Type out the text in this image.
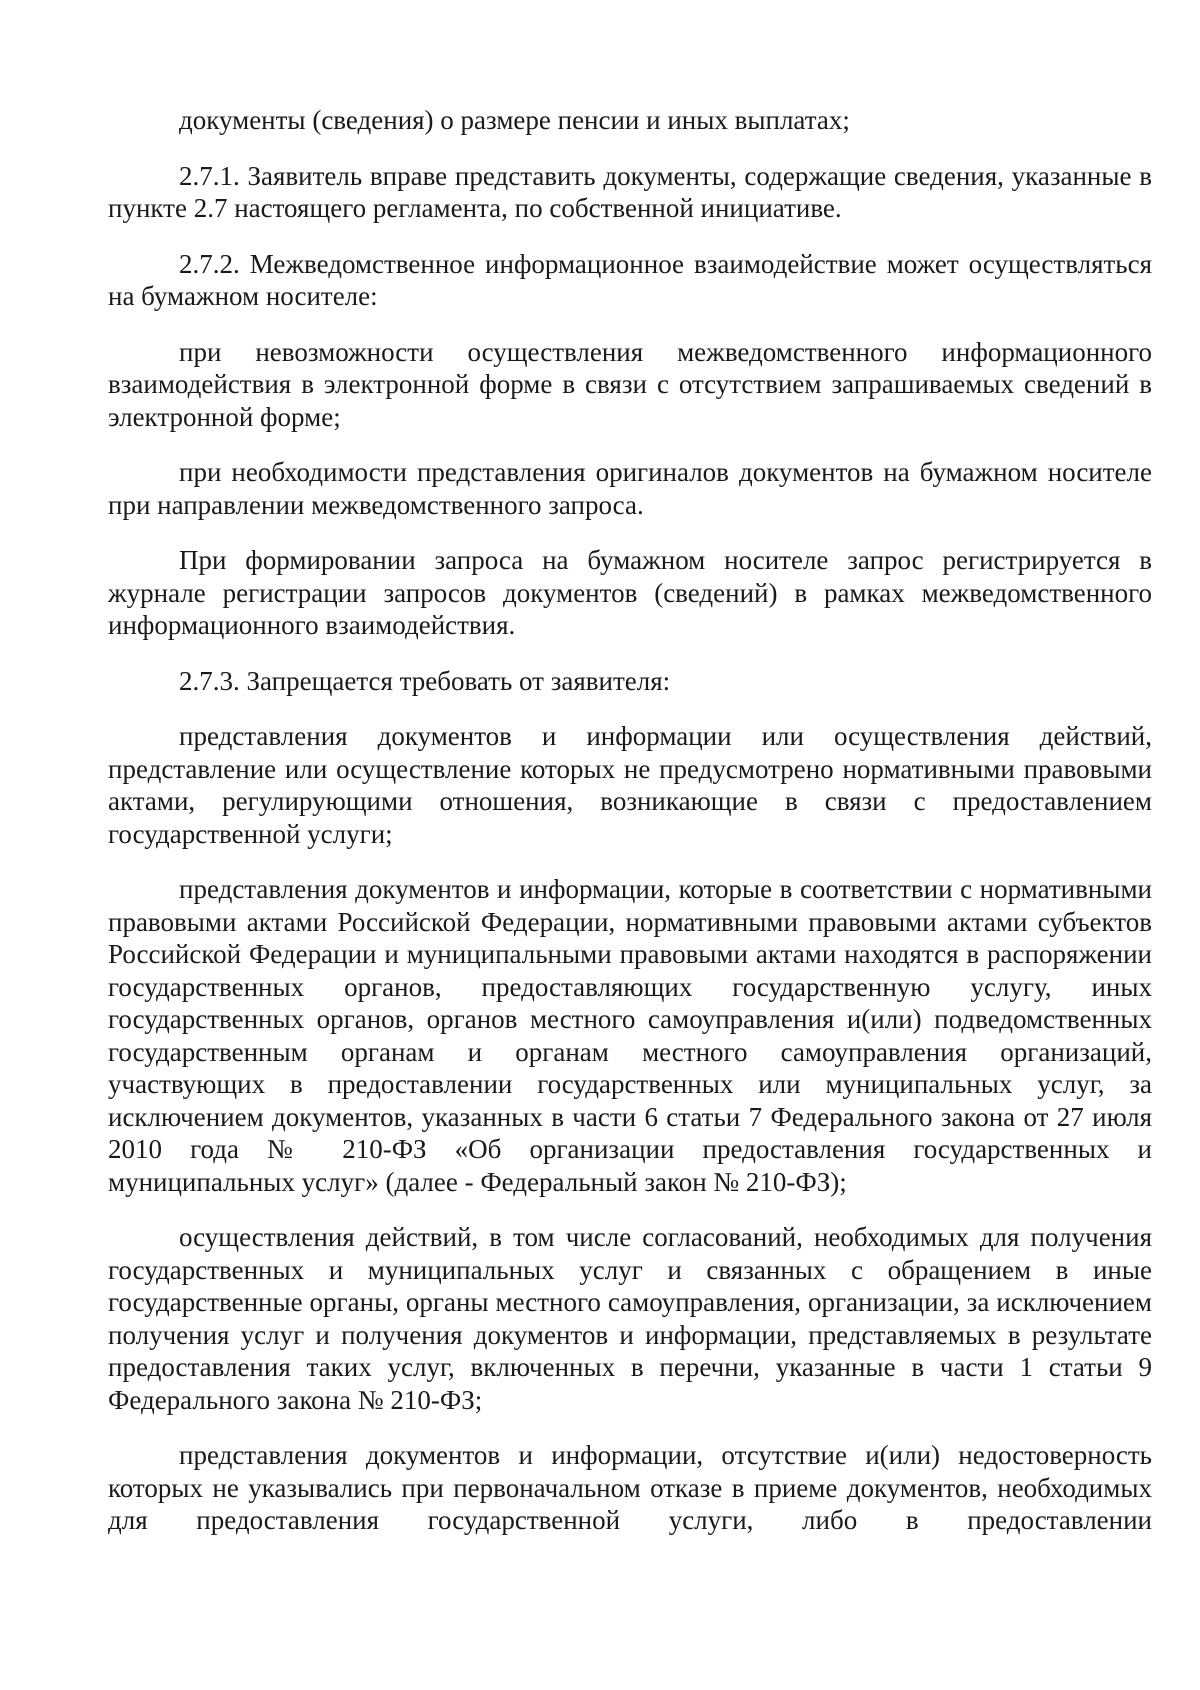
документы (сведения) о размере пенсии и иных выплатах;

2.7.1. Заявитель вправе представить документы, содержащие сведения, указанные в пункте 2.7 настоящего регламента, по собственной инициативе.

2.7.2. Межведомственное информационное взаимодействие может осуществляться на бумажном носителе:

при невозможности осуществления межведомственного информационного взаимодействия в электронной форме в связи с отсутствием запрашиваемых сведений в электронной форме;

при необходимости представления оригиналов документов на бумажном носителе при направлении межведомственного запроса.

При формировании запроса на бумажном носителе запрос регистрируется в журнале регистрации запросов документов (сведений) в рамках межведомственного информационного взаимодействия.

2.7.3. Запрещается требовать от заявителя:

представления документов и информации или осуществления действий, представление или осуществление которых не предусмотрено нормативными правовыми актами, регулирующими отношения, возникающие в связи с предоставлением государственной услуги;

представления документов и информации, которые в соответствии с нормативными правовыми актами Российской Федерации, нормативными правовыми актами субъектов Российской Федерации и муниципальными правовыми актами находятся в распоряжении государственных органов, предоставляющих государственную услугу, иных государственных органов, органов местного самоуправления и(или) подведомственных государственным органам и органам местного самоуправления организаций, участвующих в предоставлении государственных или муниципальных услуг, за исключением документов, указанных в части 6 статьи 7 Федерального закона от 27 июля 2010 года № 210-ФЗ «Об организации предоставления государственных и муниципальных услуг» (далее - Федеральный закон № 210-ФЗ);

осуществления действий, в том числе согласований, необходимых для получения государственных и муниципальных услуг и связанных с обращением в иные государственные органы, органы местного самоуправления, организации, за исключением получения услуг и получения документов и информации, представляемых в результате предоставления таких услуг, включенных в перечни, указанные в части 1 статьи 9 Федерального закона № 210-ФЗ;

представления документов и информации, отсутствие и(или) недостоверность которых не указывались при первоначальном отказе в приеме документов, необходимых для предоставления государственной услуги, либо в предоставлении
